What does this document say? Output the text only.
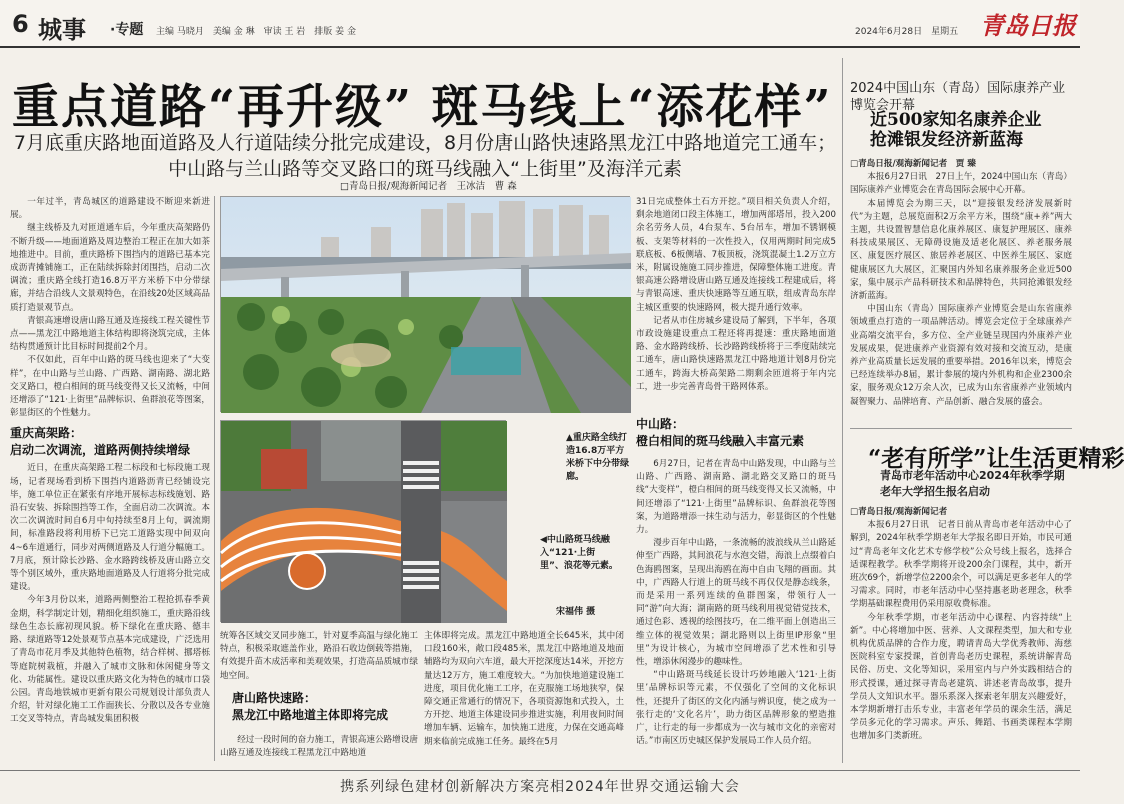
6 城事 ·专题 主编 马晓月　美编 金 琳　审读 王 岩　排版 姜 金	2024年6月28日　星期五 青岛日报
重点道路“再升级” 斑马线上“添花样”
7月底重庆路地面道路及人行道陆续分批完成建设，8月份唐山路快速路黑龙江中路地道完工通车；中山路与兰山路等交叉路口的斑马线融入“上街里”及海洋元素
□青岛日报/观海新闻记者　王冰洁　曹 森

一年过半，青岛城区的道路建设不断迎来新进展。

继主线桥及九对匝道通车后，今年重庆高架路仍不断升级——地面道路及周边整治工程正在加大如茶地推进中。目前，重庆路桥下围挡内的道路已基本完成沥青摊铺施工，正在陆续拆除封闭围挡，启动二次调流；重庆路全线打造16.8万平方米桥下中分带绿廊，并结合沿线人文景观特色，在沿线20处区域高品质打造景观节点。

青银高速增设唐山路互通及连接线工程关键性节点——黑龙江中路地道主体结构即将浇筑完成，主体结构贯通预计比目标时间提前2个月。

不仅如此，百年中山路的斑马线也迎来了“大变样”，在中山路与兰山路、广西路、湖南路、湖北路交叉路口，橙白相间的斑马线变得又长又流畅，中间还增添了“121·上街里”品牌标识、鱼群浪花等图案，彰显街区的个性魅力。

重庆高架路：
启动二次调流，道路两侧持续增绿

近日，在重庆高架路工程二标段和七标段施工现场，记者现场看到桥下围挡内道路沥青已经铺设完毕，施工单位正在紧张有序地开展标志标线施划、路沿石安装、拆除围挡等工作，全面启动二次调流。本次二次调流时间自6月中旬持续至8月上旬，调流期间，标准路段将利用桥下已完工道路实现中间双向4~6车道通行，同步对两侧道路及人行道分幅施工。7月底，预计除长沙路、金水路跨线桥及唐山路立交等个别区域外，重庆路地面道路及人行道将分批完成建设。

今年3月份以来，道路两侧整治工程抢抓春季黄金期，科学制定计划，精细化组织施工，重庆路沿线绿色生态长廊初现风貌。桥下绿化在重庆路、德丰路、绿道路等12处景观节点基本完成建设，广泛选用了青岛市花月季及其他特色植物，结合样树、挪塔栎等庭院树栽植，并融入了城市文脉和休闲健身等文化、功能属性。建设以重庆路文化为特色的城市口袋公园。青岛地铁城市更新有限公司规划设计部负责人介绍，针对绿化施工工作面狭长、分散以及各专业施工交叉等特点，青岛城发集团积极

▲重庆路全线打造16.8万平方米桥下中分带绿廊。
◀中山路斑马线融入“121·上街里”、浪花等元素。
宋福伟 摄

统筹各区域交叉同步施工，针对夏季高温与绿化施工特点，积极采取遮盖作业，路沿石收边倒载等措施，有效提升苗木成活率和美观效果，打造高品质城市绿地空间。

唐山路快速路：
黑龙江中路地道主体即将完成

经过一段时间的奋力施工，青银高速公路增设唐山路互通及连接线工程黑龙江中路地道

主体即将完成。黑龙江中路地道全长645米，其中闭口段160米，敞口段485米，黑龙江中路地道及地面辅路均为双向六车道，最大开挖深度达14米，开挖方量达12万方，施工难度较大。“为加快地道建设施工进度，项目优化施工工序，在克服施工场地狭窄，保障交通正常通行的情况下，各项资源饱和式投入，土方开挖、地道主体建设同步推进实施，利用夜间时间增加车辆、运输车，加快施工进度，力保在交通高峰期来临前完成施工任务。最终在5月

31日完成整体土石方开挖。”项目相关负责人介绍，剩余地道闭口段主体施工，增加两部塔吊，投入200余名劳务人员，4台泵车、5台吊车，增加不锈钢模板、支架等材料的一次性投入，仅用两期时间完成5联底板、6板侧墙、7板顶板，浇筑混凝土1.2万立方米，附属设施施工同步推进，保障整体施工进度。青银高速公路增设唐山路互通及连接线工程建成后，将与青银高速、重庆快速路等互通互联，组成青岛东岸主城区重要的快速路网，极大提升通行效率。

记者从市住房城乡建设局了解到，下半年，各项市政设施建设重点工程还将再提速：重庆路地面道路、金水路跨线桥、长沙路跨线桥将于三季度陆续完工通车，唐山路快速路黑龙江中路地道计划8月份完工通车，跨海大桥高架路二期剩余匝道将于年内完工，进一步完善青岛骨干路网体系。

中山路：
橙白相间的斑马线融入丰富元素

6月27日，记者在青岛中山路发现，中山路与兰山路、广西路、湖南路、湖北路交叉路口的斑马线“大变样”，橙白相间的斑马线变得又长又流畅，中间还增添了“121·上街里”品牌标识、鱼群浪花等图案，为道路增添一抹生动与活力，彰显街区的个性魅力。

漫步百年中山路，一条流畅的波浪线从兰山路延伸至广西路，其间浪花与水泡交错，海浪上点缀着白色海鸥图案，呈现出海鸥在海中自由飞翔的画面。其中，广西路人行道上的斑马线不再仅仅是静态线条，而是采用一系列连续的鱼群图案，带领行人一同“游”向大海；湖南路的斑马线利用视觉错觉技术，通过色彩、透视的绘图技巧，在二维平面上创造出三维立体的视觉效果；湖北路则以上街里IP形象“里里”为设计核心，为城市空间增添了艺术性和引导性，增添休闲漫步的趣味性。

“中山路斑马线延长设计巧妙地融入‘121·上街里’品牌标识等元素，不仅强化了空间的文化标识性，还提升了街区的文化内涵与辨识度，使之成为一张行走的‘文化名片’，助力街区品牌形象的塑造推广，让行走的每一步都成为一次与城市文化的亲密对话。”市南区历史城区保护发展局工作人员介绍。

2024中国山东（青岛）国际康养产业博览会开幕
近500家知名康养企业
抢滩银发经济新蓝海

□青岛日报/观海新闻记者　贾 臻

本报6月27日讯　27日上午，2024中国山东（青岛）国际康养产业博览会在青岛国际会展中心开幕。

本届博览会为期三天，以“迎接银发经济发展新时代”为主题，总展览面积2万余平方米，围绕“康+养”两大主题，共设置智慧信息化康养展区、康复护理展区、康养科技成果展区、无障碍设施及适老化展区、养老服务展区、康复医疗展区、旅居养老展区、中医养生展区、家庭健康展区九大展区，汇聚国内外知名康养服务企业近500家，集中展示产品科研技术和品牌特色，共同抢滩银发经济新蓝海。

中国山东（青岛）国际康养产业博览会是山东省康养领域重点打造的一项品牌活动。博览会定位于全球康养产业高端交流平台，多方位、全产业链呈现国内外康养产业发展成果，促进康养产业资源有效对接和交流互动，是康养产业高质量长远发展的重要举措。2016年以来，博览会已经连续举办8届，累计参展的境内外机构和企业2300余家，服务观众12万余人次，已成为山东省康养产业领域内凝智聚力、品牌培育、产品创新、融合发展的盛会。

“老有所学”让生活更精彩
青岛市老年活动中心2024年秋季学期老年大学招生报名启动

□青岛日报/观海新闻记者

本报6月27日讯　记者日前从青岛市老年活动中心了解到，2024年秋季学期老年大学报名即日开始，市民可通过“青岛老年文化艺术专修学校”公众号线上报名，选择合适课程教学。秋季学期将开设200余门课程，其中，新开班次69个，新增学位2200余个，可以满足更多老年人的学习需求。同时，市老年活动中心坚持惠老助老理念，秋季学期基础课程费用仍采用原收费标准。

今年秋季学期，市老年活动中心课程、内容持续“上新”。中心将增加中医、营养、人文课程类型，加大和专业机构优质品牌的合作力度，聘请青岛大学优秀教师、海慈医院科室专家授课，首创青岛老历史课程，系统讲解青岛民俗、历史、文化等知识，采用室内与户外实践相结合的形式授课，通过探寻青岛老建筑、讲述老青岛故事，提升学员人文知识水平。器乐系深入探索老年朋友兴趣爱好，本学期新增打击乐专业，丰富老年学员的课余生活，满足学员多元化的学习需求。声乐、舞蹈、书画类课程本学期也增加多门类新班。

携系列绿色建材创新解决方案亮相2024年世界交通运输大会
